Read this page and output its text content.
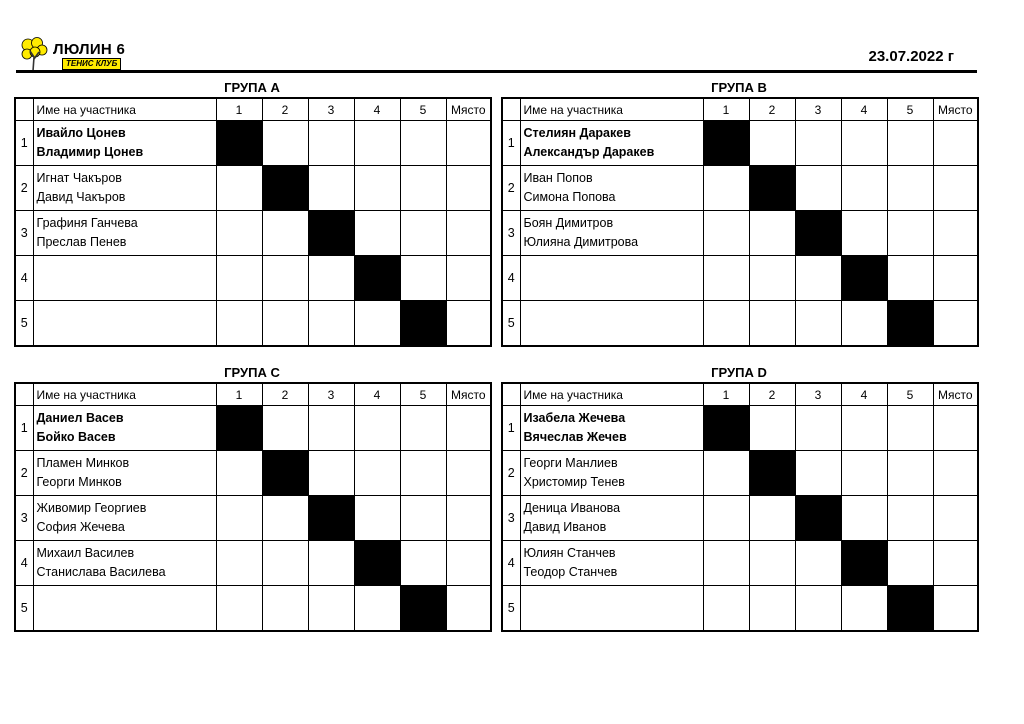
ЛЮЛИН 6
ТЕНИС КЛУБ	23.07.2022 г
ГРУПА А
	Име на участника	1	2	3	4	5	Място
1	Ивайло Цонев
Владимир Цонев						

2	Игнат Чакъров
Давид Чакъров						

3	Графиня Ганчева
Преслав Пенев						

4	

5	

ГРУПА В
	Име на участника	1	2	3	4	5	Място
1	Стелиян Даракев
Александър Даракев						

2	Иван Попов
Симона Попова						

3	Боян Димитров
Юлияна Димитрова						

4	

5	

ГРУПА С
	Име на участника	1	2	3	4	5	Място
1	Даниел Васев
Бойко Васев						

2	Пламен Минков
Георги Минков						

3	Живомир Георгиев
София Жечева						

4	Михаил Василев
Станислава Василева						

5	

ГРУПА D
	Име на участника	1	2	3	4	5	Място
1	Изабела Жечева
Вячеслав Жечев						

2	Георги Манлиев
Христомир Тенев						

3	Деница Иванова
Давид Иванов						

4	Юлиян Станчев
Теодор Станчев						

5	
